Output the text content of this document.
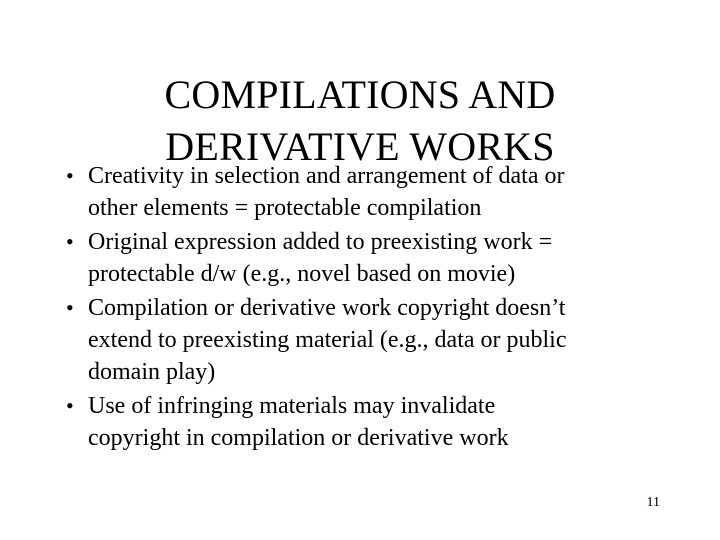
COMPILATIONS AND
DERIVATIVE WORKS
• Creativity in selection and arrangement of data or
other elements = protectable compilation
• Original expression added to preexisting work =
protectable d/w (e.g., novel based on movie)
• Compilation or derivative work copyright doesn’t
extend to preexisting material (e.g., data or public
domain play)
• Use of infringing materials may invalidate
copyright in compilation or derivative work
11
